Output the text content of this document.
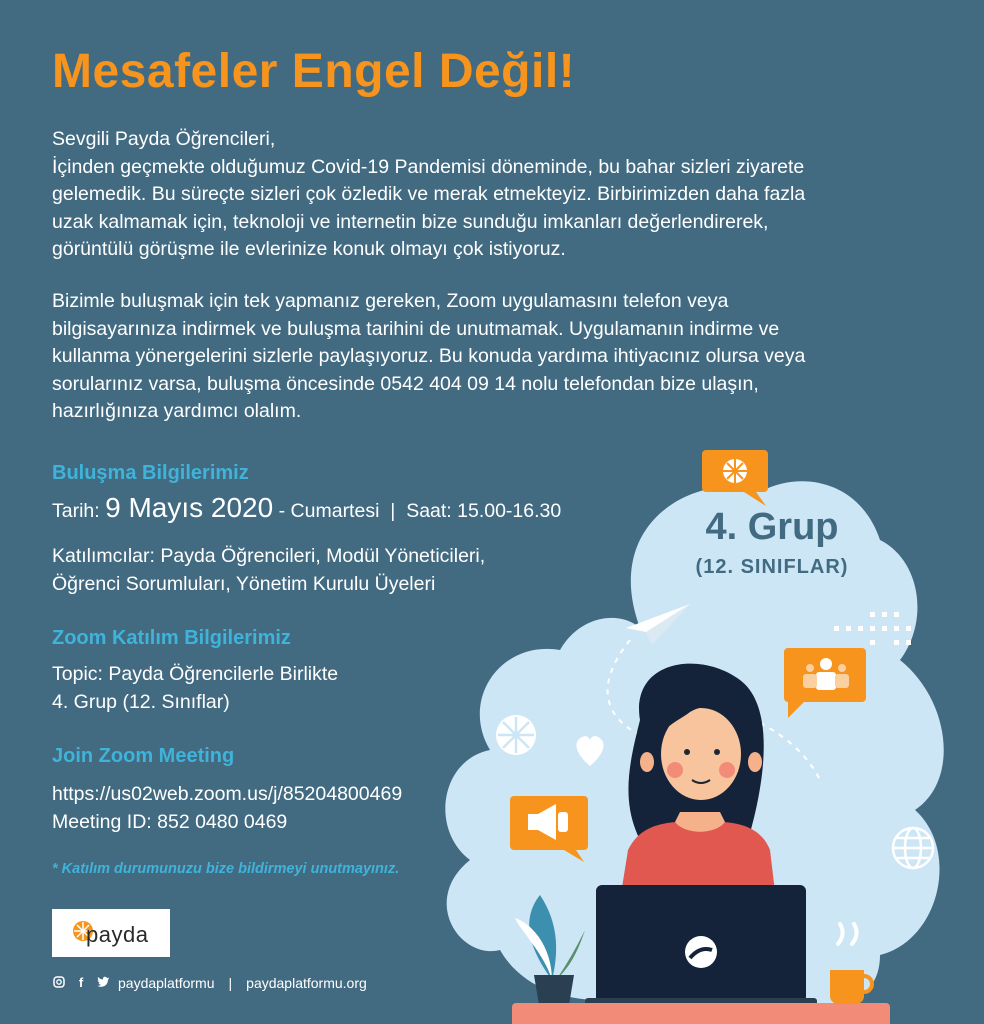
Mesafeler Engel Değil!
Sevgili Payda Öğrencileri,
İçinden geçmekte olduğumuz Covid-19 Pandemisi döneminde, bu bahar sizleri ziyarete
gelemedik. Bu süreçte sizleri çok özledik ve merak etmekteyiz. Birbirimizden daha fazla
uzak kalmamak için, teknoloji ve internetin bize sunduğu imkanları değerlendirerek,
görüntülü görüşme ile evlerinize konuk olmayı çok istiyoruz.
Bizimle buluşmak için tek yapmanız gereken, Zoom uygulamasını telefon veya
bilgisayarınıza indirmek ve buluşma tarihini de unutmamak. Uygulamanın indirme ve
kullanma yönergelerini sizlerle paylaşıyoruz. Bu konuda yardıma ihtiyacınız olursa veya
sorularınız varsa, buluşma öncesinde 0542 404 09 14 nolu telefondan bize ulaşın,
hazırlığınıza yardımcı olalım.
4. Grup
(12. SINIFLAR)
Buluşma Bilgilerimiz
Tarih: 9 Mayıs 2020 - Cumartesi | Saat: 15.00-16.30
Katılımcılar: Payda Öğrencileri, Modül Yöneticileri,
Öğrenci Sorumluları, Yönetim Kurulu Üyeleri
Zoom Katılım Bilgilerimiz
Topic: Payda Öğrencilerle Birlikte
4. Grup (12. Sınıflar)
Join Zoom Meeting
https://us02web.zoom.us/j/85204800469
Meeting ID: 852 0480 0469
* Katılım durumunuzu bize bildirmeyi unutmayınız.
payda
f	paydaplatformu | paydaplatformu.org
